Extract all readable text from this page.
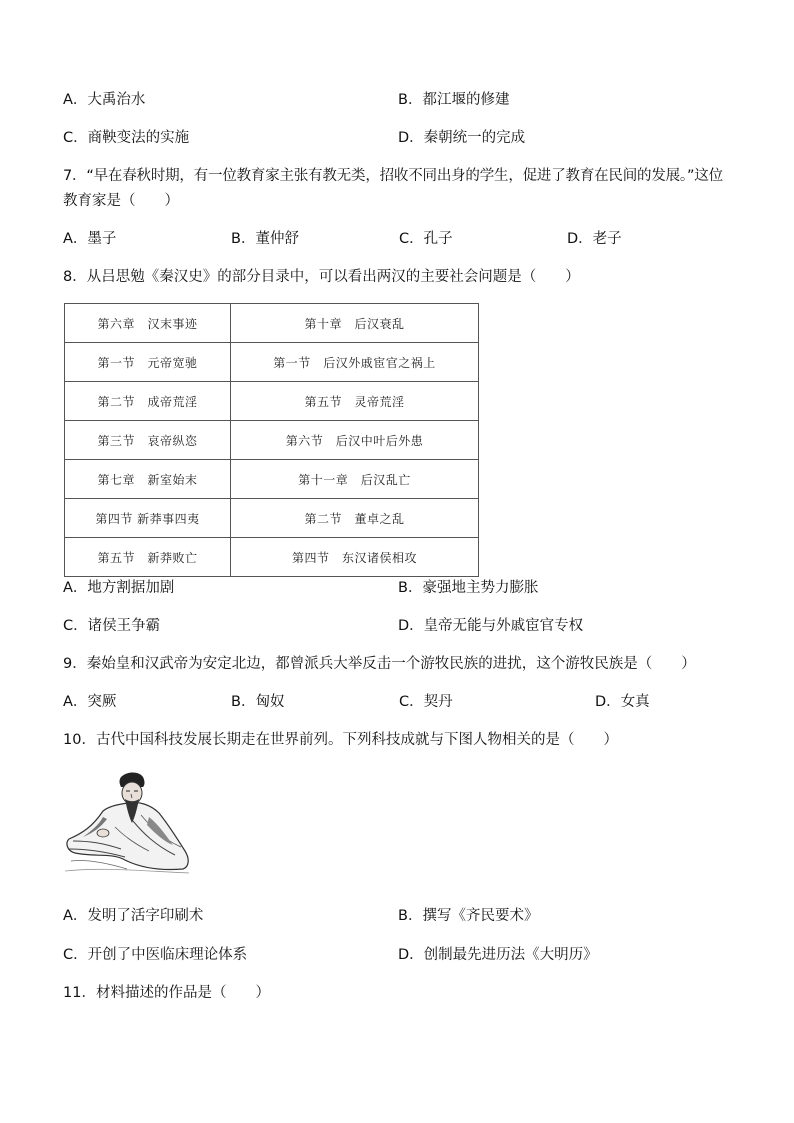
A．大禹治水	B．都江堰的修建
C．商鞅变法的实施	D．秦朝统一的完成
7．“早在春秋时期，有一位教育家主张有教无类，招收不同出身的学生，促进了教育在民间的发展。”这位
教育家是（　　）
A．墨子	B．董仲舒	C．孔子	D．老子
8．从吕思勉《秦汉史》的部分目录中，可以看出两汉的主要社会问题是（　　）
第六章　汉末事迹	第十章　后汉衰乱
第一节　元帝宽驰	第一节　后汉外戚宦官之祸上
第二节　成帝荒淫	第五节　灵帝荒淫
第三节　哀帝纵恣	第六节　后汉中叶后外患
第七章　新室始末	第十一章　后汉乱亡
第四节 新莽事四夷	第二节　董卓之乱
第五节　新莽败亡	第四节　东汉诸侯相攻
A．地方割据加剧	B．豪强地主势力膨胀
C．诸侯王争霸	D．皇帝无能与外戚宦官专权
9．秦始皇和汉武帝为安定北边，都曾派兵大举反击一个游牧民族的进扰，这个游牧民族是（　　）
A．突厥	B．匈奴	C．契丹	D．女真
10．古代中国科技发展长期走在世界前列。下列科技成就与下图人物相关的是（　　）
A．发明了活字印刷术	B．撰写《齐民要术》
C．开创了中医临床理论体系	D．创制最先进历法《大明历》
11．材料描述的作品是（　　）
